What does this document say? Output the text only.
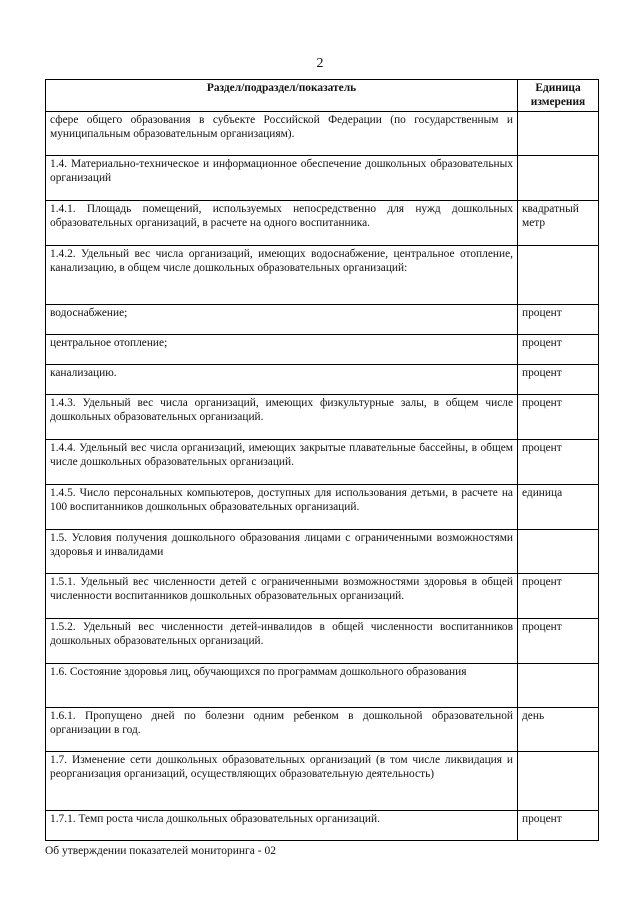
2
Раздел/подраздел/показатель	Единица измерения
сфере общего образования в субъекте Российской Федерации (по государственным и муниципальным образовательным организациям).	
1.4. Материально-техническое и информационное обеспечение дошкольных образовательных организаций	
1.4.1. Площадь помещений, используемых непосредственно для нужд дошкольных образовательных организаций, в расчете на одного воспитанника.	квадратный метр
1.4.2. Удельный вес числа организаций, имеющих водоснабжение, центральное отопление, канализацию, в общем числе дошкольных образовательных организаций:	
водоснабжение;	процент
центральное отопление;	процент
канализацию.	процент
1.4.3. Удельный вес числа организаций, имеющих физкультурные залы, в общем числе дошкольных образовательных организаций.	процент
1.4.4. Удельный вес числа организаций, имеющих закрытые плавательные бассейны, в общем числе дошкольных образовательных организаций.	процент
1.4.5. Число персональных компьютеров, доступных для использования детьми, в расчете на 100 воспитанников дошкольных образовательных организаций.	единица
1.5. Условия получения дошкольного образования лицами с ограниченными возможностями здоровья и инвалидами	
1.5.1. Удельный вес численности детей с ограниченными возможностями здоровья в общей численности воспитанников дошкольных образовательных организаций.	процент
1.5.2. Удельный вес численности детей-инвалидов в общей численности воспитанников дошкольных образовательных организаций.	процент
1.6. Состояние здоровья лиц, обучающихся по программам дошкольного образования	
1.6.1. Пропущено дней по болезни одним ребенком в дошкольной образовательной организации в год.	день
1.7. Изменение сети дошкольных образовательных организаций (в том числе ликвидация и реорганизация организаций, осуществляющих образовательную деятельность)	
1.7.1. Темп роста числа дошкольных образовательных организаций.	процент
Об утверждении показателей мониторинга - 02
